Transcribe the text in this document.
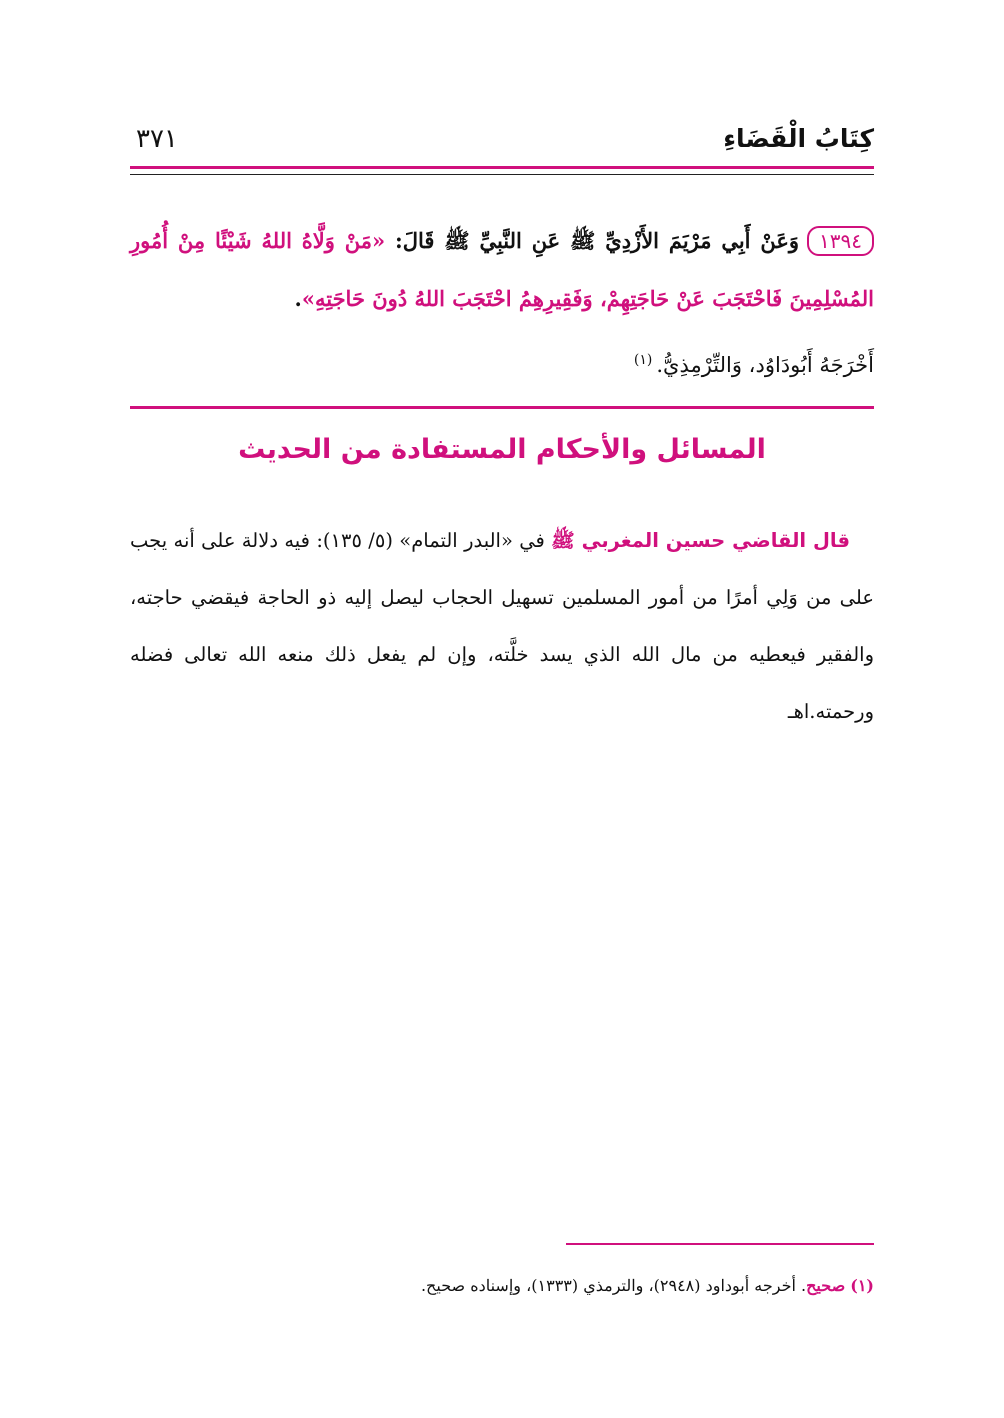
كِتَابُ الْقَضَاءِ
٣٧١
١٣٩٤وَعَنْ أَبِي مَرْيَمَ الأَزْدِيِّ ﷺ عَنِ النَّبِيِّ ﷺ قَالَ: «مَنْ وَلَّاهُ اللهُ شَيْئًا مِنْ أُمُورِ المُسْلِمِينَ فَاحْتَجَبَ عَنْ حَاجَتِهِمْ، وَفَقِيرِهِمُ احْتَجَبَ اللهُ دُونَ حَاجَتِهِ».
أَخْرَجَهُ أَبُودَاوُد، وَالتِّرْمِذِيُّ.$^{(١)}$
المسائل والأحكام المستفادة من الحديث
قال القاضي حسين المغربي ﷺ في «البدر التمام» (٥/ ١٣٥): فيه دلالة على أنه يجب على من وَلِي أمرًا من أمور المسلمين تسهيل الحجاب ليصل إليه ذو الحاجة فيقضي حاجته، والفقير فيعطيه من مال الله الذي يسد خلَّته، وإن لم يفعل ذلك منعه الله تعالى فضله ورحمته.اهـ
(١) صحيح. أخرجه أبوداود (٢٩٤٨)، والترمذي (١٣٣٣)، وإسناده صحيح.
